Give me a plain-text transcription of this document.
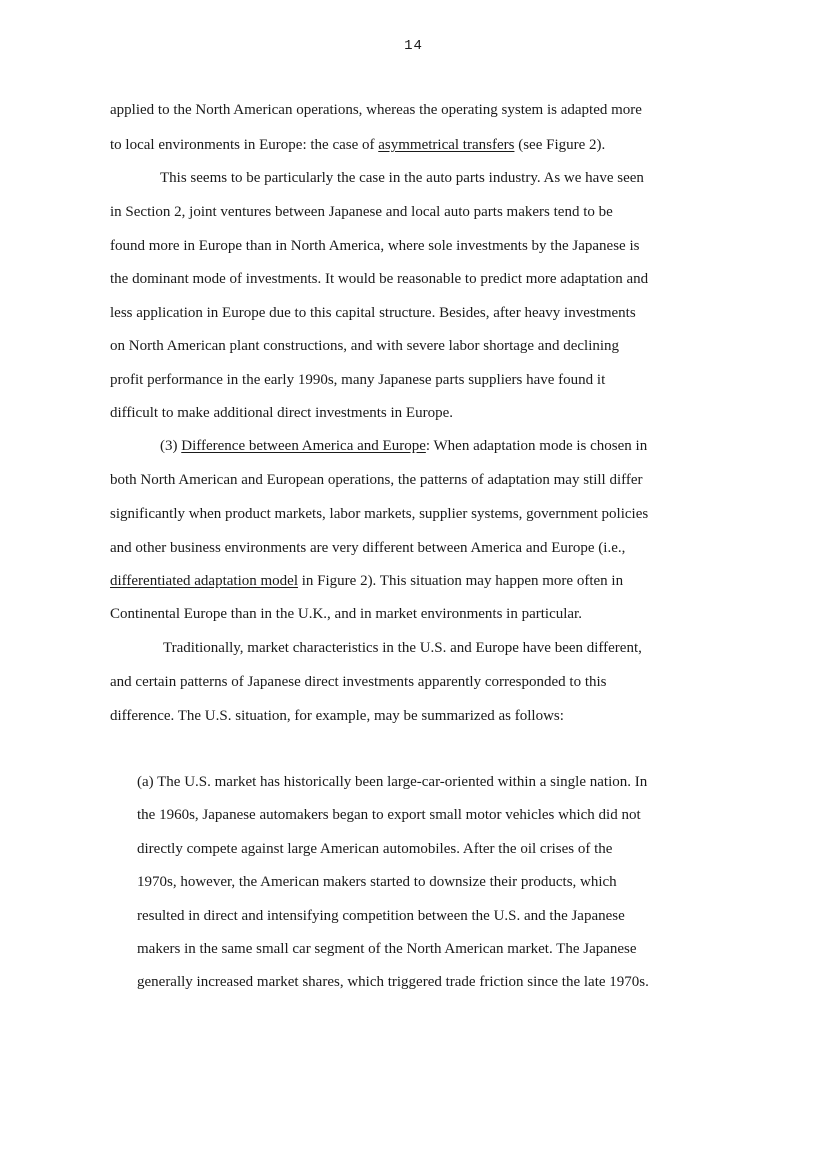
14
applied to the North American operations, whereas the operating system is adapted more
to local environments in Europe: the case of asymmetrical transfers (see Figure 2).
This seems to be particularly the case in the auto parts industry. As we have seen
in Section 2, joint ventures between Japanese and local auto parts makers tend to be
found more in Europe than in North America, where sole investments by the Japanese is
the dominant mode of investments. It would be reasonable to predict more adaptation and
less application in Europe due to this capital structure. Besides, after heavy investments
on North American plant constructions, and with severe labor shortage and declining
profit performance in the early 1990s, many Japanese parts suppliers have found it
difficult to make additional direct investments in Europe.
(3) Difference between America and Europe: When adaptation mode is chosen in
both North American and European operations, the patterns of adaptation may still differ
significantly when product markets, labor markets, supplier systems, government policies
and other business environments are very different between America and Europe (i.e.,
differentiated adaptation model in Figure 2). This situation may happen more often in
Continental Europe than in the U.K., and in market environments in particular.
Traditionally, market characteristics in the U.S. and Europe have been different,
and certain patterns of Japanese direct investments apparently corresponded to this
difference. The U.S. situation, for example, may be summarized as follows:
(a) The U.S. market has historically been large-car-oriented within a single nation. In
the 1960s, Japanese automakers began to export small motor vehicles which did not
directly compete against large American automobiles. After the oil crises of the
1970s, however, the American makers started to downsize their products, which
resulted in direct and intensifying competition between the U.S. and the Japanese
makers in the same small car segment of the North American market. The Japanese
generally increased market shares, which triggered trade friction since the late 1970s.
